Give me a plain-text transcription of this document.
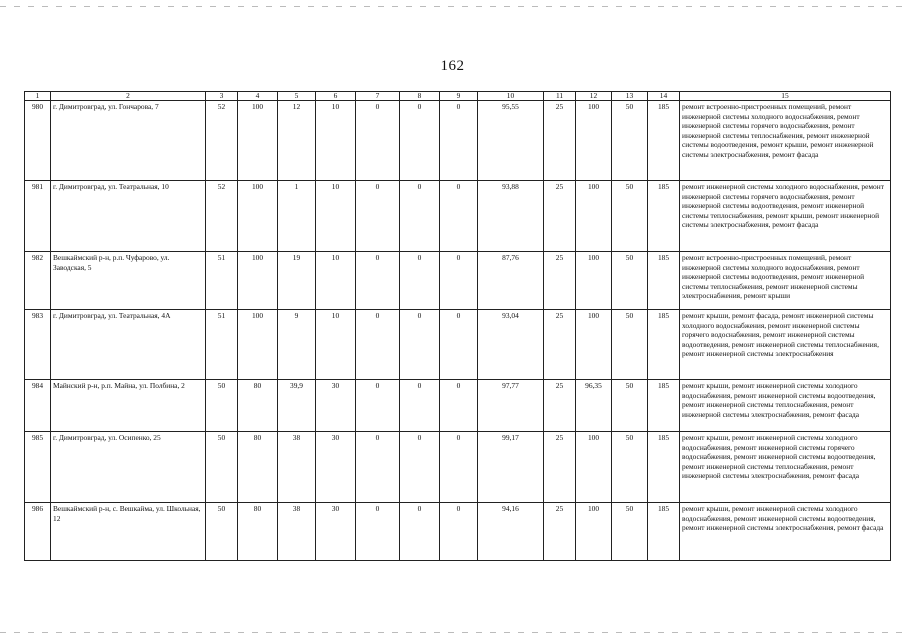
162
1	2	3	4	5	6	7	8	9	10	11	12	13	14	15
980	г. Димитровград, ул. Гончарова, 7	52	100	12	10	0	0	0	95,55	25	100	50	185	ремонт встроенно-пристроенных помещений, ремонт инженерной системы холодного водоснабжения, ремонт инженерной системы горячего водоснабжения, ремонт инженерной системы теплоснабжения, ремонт инженерной системы водоотведения, ремонт крыши, ремонт инженерной системы электроснабжения, ремонт фасада
981	г. Димитровград, ул. Театральная, 10	52	100	1	10	0	0	0	93,88	25	100	50	185	ремонт инженерной системы холодного водоснабжения, ремонт инженерной системы горячего водоснабжения, ремонт инженерной системы водоотведения, ремонт инженерной системы теплоснабжения, ремонт крыши, ремонт инженерной системы электроснабжения, ремонт фасада
982	Вешкаймский р-н, р.п. Чуфарово, ул. Заводская, 5	51	100	19	10	0	0	0	87,76	25	100	50	185	ремонт встроенно-пристроенных помещений, ремонт инженерной системы холодного водоснабжения, ремонт инженерной системы водоотведения, ремонт инженерной системы теплоснабжения, ремонт инженерной системы электроснабжения, ремонт крыши
983	г. Димитровград, ул. Театральная, 4А	51	100	9	10	0	0	0	93,04	25	100	50	185	ремонт крыши, ремонт фасада, ремонт инженерной системы холодного водоснабжения, ремонт инженерной системы горячего водоснабжения, ремонт инженерной системы водоотведения, ремонт инженерной системы теплоснабжения, ремонт инженерной системы электроснабжения
984	Майнский р-н, р.п. Майна, ул. Полбина, 2	50	80	39,9	30	0	0	0	97,77	25	96,35	50	185	ремонт крыши, ремонт инженерной системы холодного водоснабжения, ремонт инженерной системы водоотведения, ремонт инженерной системы теплоснабжения, ремонт инженерной системы электроснабжения, ремонт фасада
985	г. Димитровград, ул. Осипенко, 25	50	80	38	30	0	0	0	99,17	25	100	50	185	ремонт крыши, ремонт инженерной системы холодного водоснабжения, ремонт инженерной системы горячего водоснабжения, ремонт инженерной системы водоотведения, ремонт инженерной системы теплоснабжения, ремонт инженерной системы электроснабжения, ремонт фасада
986	Вешкаймский р-н, с. Вешкайма, ул. Школьная, 12	50	80	38	30	0	0	0	94,16	25	100	50	185	ремонт крыши, ремонт инженерной системы холодного водоснабжения, ремонт инженерной системы водоотведения, ремонт инженерной системы электроснабжения, ремонт фасада
